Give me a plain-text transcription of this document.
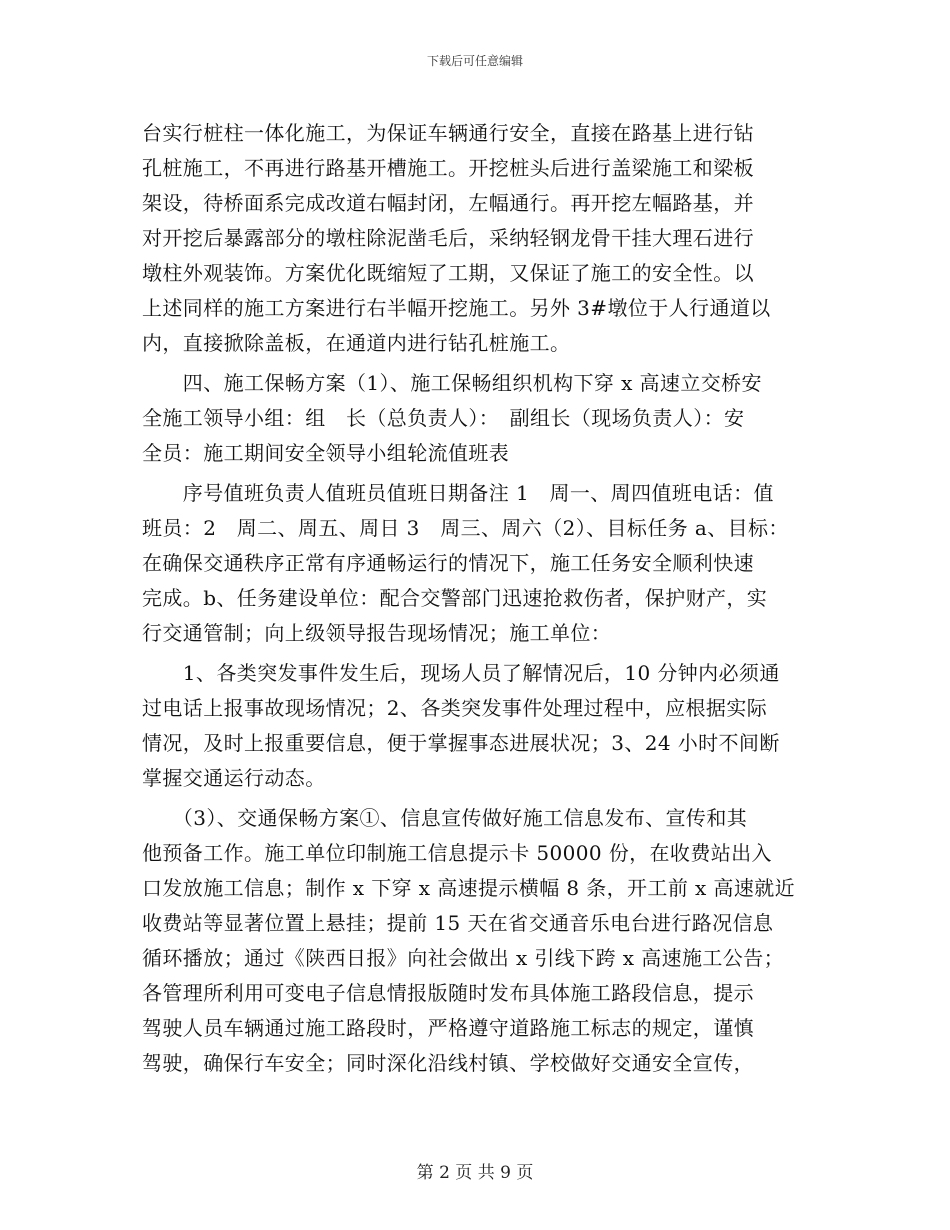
下载后可任意编辑
台实行桩柱一体化施工，为保证车辆通行安全，直接在路基上进行钻
孔桩施工，不再进行路基开槽施工。开挖桩头后进行盖梁施工和梁板
架设，待桥面系完成改道右幅封闭，左幅通行。再开挖左幅路基，并
对开挖后暴露部分的墩柱除泥凿毛后，采纳轻钢龙骨干挂大理石进行
墩柱外观装饰。方案优化既缩短了工期，又保证了施工的安全性。以
上述同样的施工方案进行右半幅开挖施工。另外 3#墩位于人行通道以
内，直接掀除盖板，在通道内进行钻孔桩施工。
　　四、施工保畅方案（1）、施工保畅组织机构下穿 x 高速立交桥安
全施工领导小组：组　长（总负责人）：　副组长（现场负责人）：安
全员：施工期间安全领导小组轮流值班表
　　序号值班负责人值班员值班日期备注 1　周一、周四值班电话：值
班员：2　周二、周五、周日 3　周三、周六（2）、目标任务 a、目标：
在确保交通秩序正常有序通畅运行的情况下，施工任务安全顺利快速
完成。b、任务建设单位：配合交警部门迅速抢救伤者，保护财产，实
行交通管制；向上级领导报告现场情况；施工单位：
　　1、各类突发事件发生后，现场人员了解情况后，10 分钟内必须通
过电话上报事故现场情况；2、各类突发事件处理过程中，应根据实际
情况，及时上报重要信息，便于掌握事态进展状况；3、24 小时不间断
掌握交通运行动态。
　　（3）、交通保畅方案①、信息宣传做好施工信息发布、宣传和其
他预备工作。施工单位印制施工信息提示卡 50000 份，在收费站出入
口发放施工信息；制作 x 下穿 x 高速提示横幅 8 条，开工前 x 高速就近
收费站等显著位置上悬挂；提前 15 天在省交通音乐电台进行路况信息
循环播放；通过《陕西日报》向社会做出 x 引线下跨 x 高速施工公告；
各管理所利用可变电子信息情报版随时发布具体施工路段信息，提示
驾驶人员车辆通过施工路段时，严格遵守道路施工标志的规定，谨慎
驾驶，确保行车安全；同时深化沿线村镇、学校做好交通安全宣传，
第 2 页 共 9 页
